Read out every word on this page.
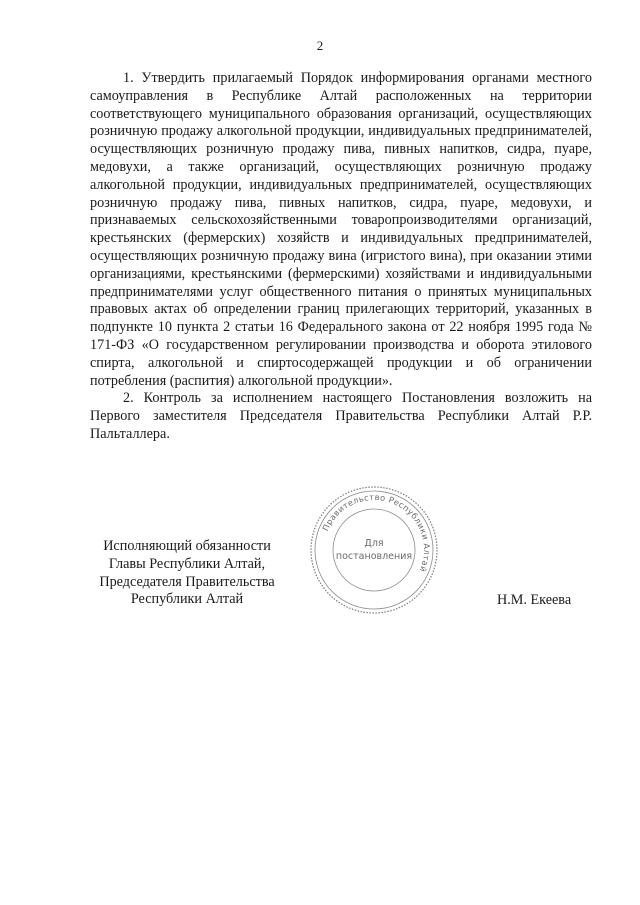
2

1. Утвердить прилагаемый Порядок информирования органами местного самоуправления в Республике Алтай расположенных на территории соответствующего муниципального образования организаций, осуществляющих розничную продажу алкогольной продукции, индивидуальных предпринимателей, осуществляющих розничную продажу пива, пивных напитков, сидра, пуаре, медовухи, а также организаций, осуществляющих розничную продажу алкогольной продукции, индивидуальных предпринимателей, осуществляющих розничную продажу пива, пивных напитков, сидра, пуаре, медовухи, и признаваемых сельскохозяйственными товаропроизводителями организаций, крестьянских (фермерских) хозяйств и индивидуальных предпринимателей, осуществляющих розничную продажу вина (игристого вина), при оказании этими организациями, крестьянскими (фермерскими) хозяйствами и индивидуальными предпринимателями услуг общественного питания о принятых муниципальных правовых актах об определении границ прилегающих территорий, указанных в подпункте 10 пункта 2 статьи 16 Федерального закона от 22 ноября 1995 года № 171-ФЗ «О государственном регулировании производства и оборота этилового спирта, алкогольной и спиртосодержащей продукции и об ограничении потребления (распития) алкогольной продукции».

2. Контроль за исполнением настоящего Постановления возложить на Первого заместителя Председателя Правительства Республики Алтай Р.Р. Пальталлера.

Исполняющий обязанности
Главы Республики Алтай,
Председателя Правительства
Республики Алтай	Н.М. Екеева
Правительство Республики Алтай
Для
постановления
